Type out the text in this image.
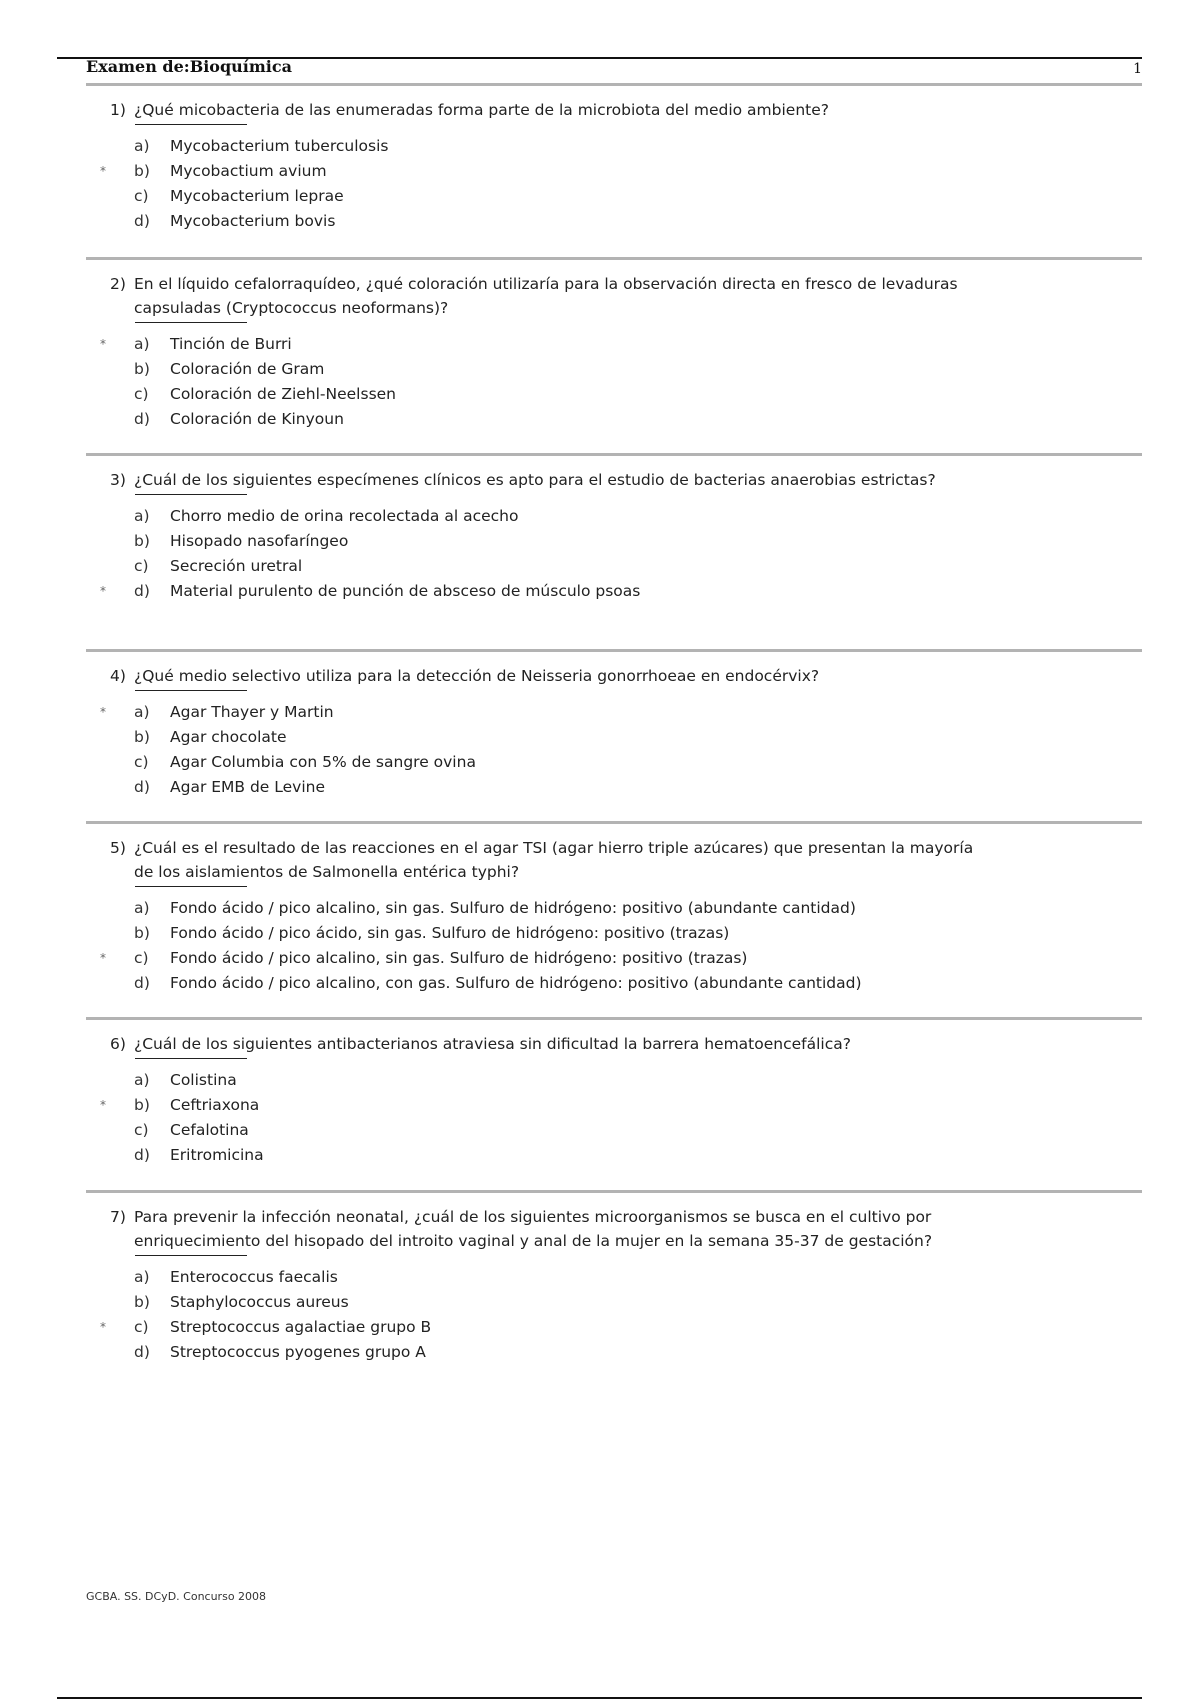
Examen de:Bioquímica	1
1) ¿Qué micobacteria de las enumeradas forma parte de la microbiota del medio ambiente?
a) Mycobacterium tuberculosis
* b) Mycobactium avium
c) Mycobacterium leprae
d) Mycobacterium bovis
2) En el líquido cefalorraquídeo, ¿qué coloración utilizaría para la observación directa en fresco de levaduras capsuladas (Cryptococcus neoformans)?
* a) Tinción de Burri
b) Coloración de Gram
c) Coloración de Ziehl-Neelssen
d) Coloración de Kinyoun
3) ¿Cuál de los siguientes especímenes clínicos es apto para el estudio de bacterias anaerobias estrictas?
a) Chorro medio de orina recolectada al acecho
b) Hisopado nasofaríngeo
c) Secreción uretral
* d) Material purulento de punción de absceso de músculo psoas
4) ¿Qué medio selectivo utiliza para la detección de Neisseria gonorrhoeae en endocérvix?
* a) Agar Thayer y Martin
b) Agar chocolate
c) Agar Columbia con 5% de sangre ovina
d) Agar EMB de Levine
5) ¿Cuál es el resultado de las reacciones en el agar TSI (agar hierro triple azúcares) que presentan la mayoría de los aislamientos de Salmonella entérica typhi?
a) Fondo ácido / pico alcalino, sin gas. Sulfuro de hidrógeno: positivo (abundante cantidad)
b) Fondo ácido / pico ácido, sin gas. Sulfuro de hidrógeno: positivo (trazas)
* c) Fondo ácido / pico alcalino, sin gas. Sulfuro de hidrógeno: positivo (trazas)
d) Fondo ácido / pico alcalino, con gas. Sulfuro de hidrógeno: positivo (abundante cantidad)
6) ¿Cuál de los siguientes antibacterianos atraviesa sin dificultad la barrera hematoencefálica?
a) Colistina
* b) Ceftriaxona
c) Cefalotina
d) Eritromicina
7) Para prevenir la infección neonatal, ¿cuál de los siguientes microorganismos se busca en el cultivo por enriquecimiento del hisopado del introito vaginal y anal de la mujer en la semana 35-37 de gestación?
a) Enterococcus faecalis
b) Staphylococcus aureus
* c) Streptococcus agalactiae grupo B
d) Streptococcus pyogenes grupo A
GCBA. SS. DCyD. Concurso 2008
